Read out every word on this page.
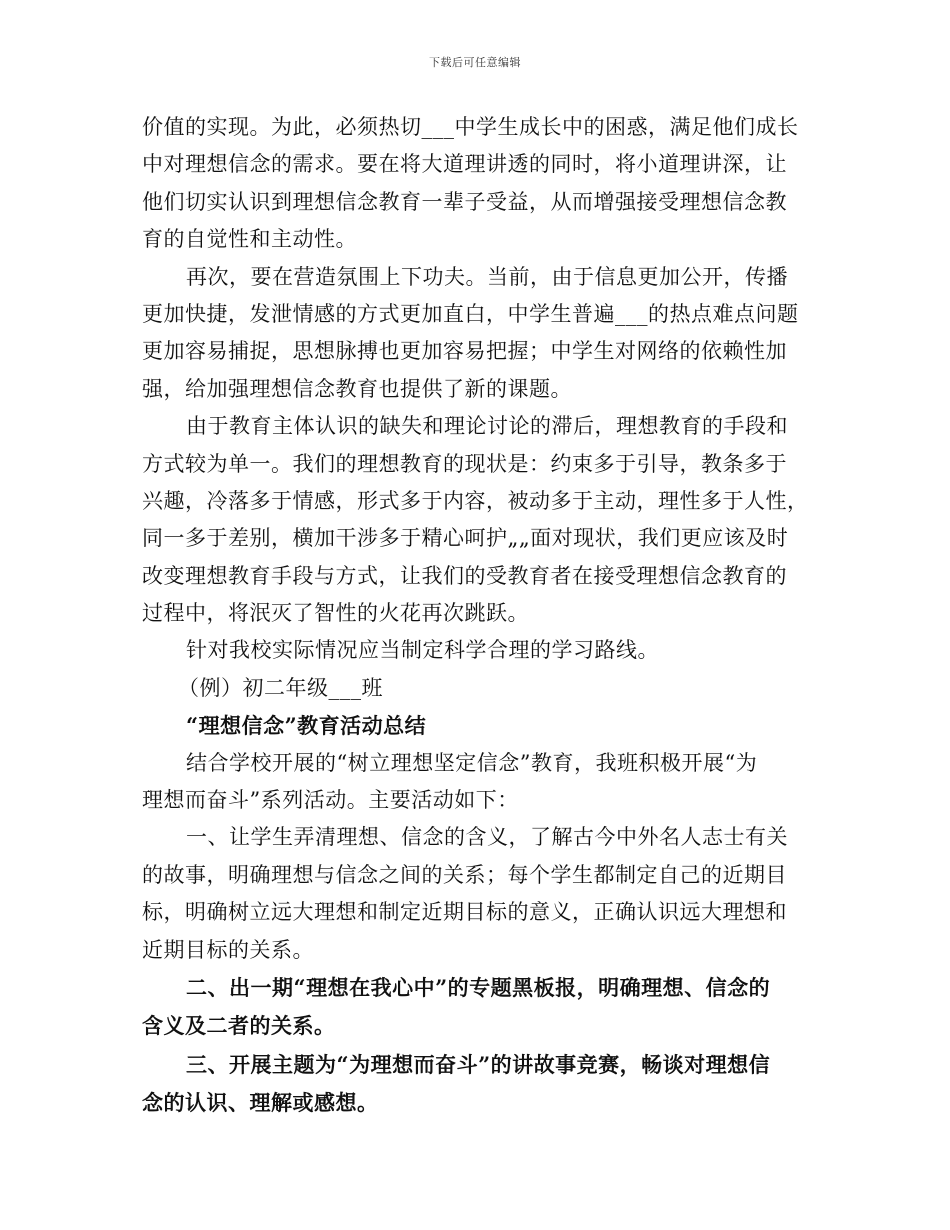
下载后可任意编辑
价值的实现。为此，必须热切___中学生成长中的困惑，满足他们成长
中对理想信念的需求。要在将大道理讲透的同时，将小道理讲深，让
他们切实认识到理想信念教育一辈子受益，从而增强接受理想信念教
育的自觉性和主动性。
再次，要在营造氛围上下功夫。当前，由于信息更加公开，传播
更加快捷，发泄情感的方式更加直白，中学生普遍___的热点难点问题
更加容易捕捉，思想脉搏也更加容易把握；中学生对网络的依赖性加
强，给加强理想信念教育也提供了新的课题。
由于教育主体认识的缺失和理论讨论的滞后，理想教育的手段和
方式较为单一。我们的理想教育的现状是：约束多于引导，教条多于
兴趣，冷落多于情感，形式多于内容，被动多于主动，理性多于人性，
同一多于差别，横加干涉多于精心呵护„„面对现状，我们更应该及时
改变理想教育手段与方式，让我们的受教育者在接受理想信念教育的
过程中，将泯灭了智性的火花再次跳跃。
针对我校实际情况应当制定科学合理的学习路线。
（例）初二年级___班
“理想信念”教育活动总结
结合学校开展的“树立理想坚定信念”教育，我班积极开展“为
理想而奋斗”系列活动。主要活动如下：
一、让学生弄清理想、信念的含义，了解古今中外名人志士有关
的故事，明确理想与信念之间的关系；每个学生都制定自己的近期目
标，明确树立远大理想和制定近期目标的意义，正确认识远大理想和
近期目标的关系。
二、出一期“理想在我心中”的专题黑板报，明确理想、信念的
含义及二者的关系。
三、开展主题为“为理想而奋斗”的讲故事竞赛，畅谈对理想信
念的认识、理解或感想。
